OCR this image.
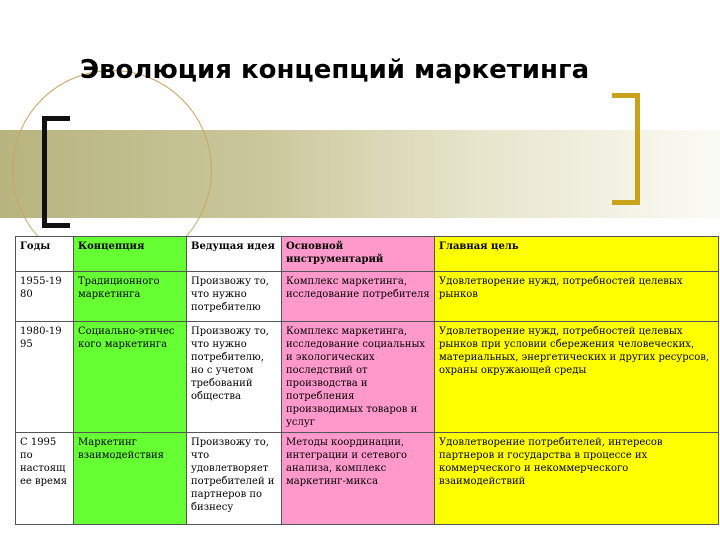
Эволюция концепций маркетинга
Годы	Концепция	Ведущая идея	Основной инструментарий	Главная цель
1955-19 80	Традиционного маркетинга	Произвожу то, что нужно потребителю	Комплекс маркетинга, исследование потребителя	Удовлетворение нужд, потребностей целевых рынков
1980-19 95	Социально-этичес кого маркетинга	Произвожу то, что нужно потребителю, но с учетом требований общества	Комплекс маркетинга, исследование социальных и экологических последствий от производства и потребления производимых товаров и услуг	Удовлетворение нужд, потребностей целевых рынков при условии сбережения человеческих, материальных, энергетических и других ресурсов, охраны окружающей среды
С 1995 по настоящ ее время	Маркетинг взаимодействия	Произвожу то, что удовлетворяет потребителей и партнеров по бизнесу	Методы координации, интеграции и сетевого анализа, комплекс маркетинг-микса	Удовлетворение потребителей, интересов партнеров и государства в процессе их коммерческого и некоммерческого взаимодействий
